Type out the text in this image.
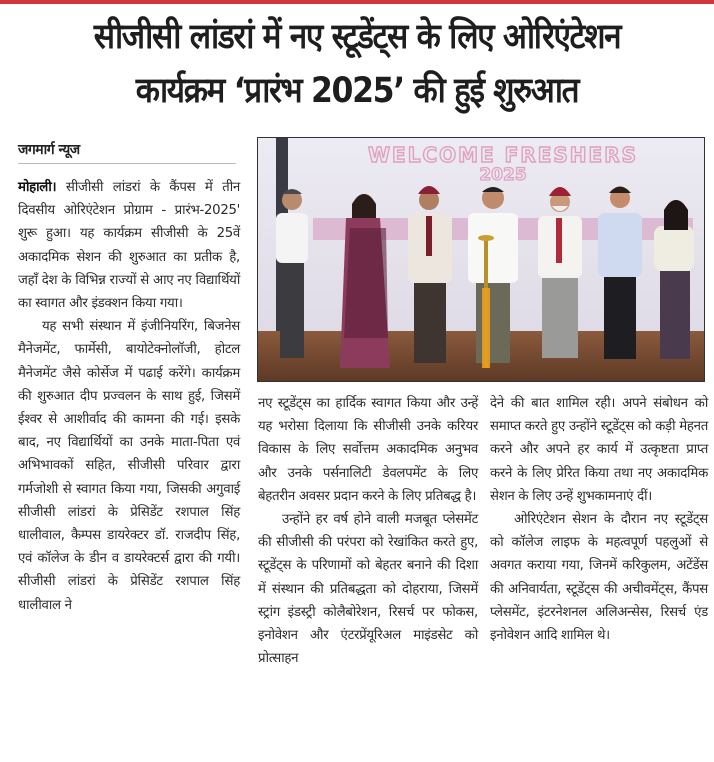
सीजीसी लांडरां में नए स्टूडेंट्स के लिए ओरिएंटेशन
कार्यक्रम ‘प्रारंभ 2025’ की हुई शुरुआत
जगमार्ग न्यूज

मोहाली। सीजीसी लांडरां के कैंपस में तीन दिवसीय ओरिएंटेशन प्रोग्राम - प्रारंभ-2025' शुरू हुआ। यह कार्यक्रम सीजीसी के 25वें अकादमिक सेशन की शुरुआत का प्रतीक है, जहाँ देश के विभिन्न राज्यों से आए नए विद्यार्थियों का स्वागत और इंडक्शन किया गया।

यह सभी संस्थान में इंजीनियरिंग, बिजनेस मैनेजमेंट, फार्मेसी, बायोटेक्नोलॉजी, होटल मैनेजमेंट जैसे कोर्सेज में पढाई करेंगे। कार्यक्रम की शुरुआत दीप प्रज्वलन के साथ हुई, जिसमें ईश्वर से आशीर्वाद की कामना की गई। इसके बाद, नए विद्यार्थियों का उनके माता-पिता एवं अभिभावकों सहित, सीजीसी परिवार द्वारा गर्मजोशी से स्वागत किया गया, जिसकी अगुवाई सीजीसी लांडरां के प्रेसिडेंट रशपाल सिंह धालीवाल, कैम्पस डायरेक्टर डॉ. राजदीप सिंह, एवं कॉलेज के डीन व डायरेक्टर्स द्वारा की गयी। सीजीसी लांडरां के प्रेसिडेंट रशपाल सिंह धालीवाल ने

WELCOME FRESHERS
2025

नए स्टूडेंट्स का हार्दिक स्वागत किया और उन्हें यह भरोसा दिलाया कि सीजीसी उनके करियर विकास के लिए सर्वोत्तम अकादमिक अनुभव और उनके पर्सनालिटी डेवलपमेंट के लिए बेहतरीन अवसर प्रदान करने के लिए प्रतिबद्ध है।

उन्होंने हर वर्ष होने वाली मजबूत प्लेसमेंट की सीजीसी की परंपरा को रेखांकित करते हुए, स्टूडेंट्स के परिणामों को बेहतर बनाने की दिशा में संस्थान की प्रतिबद्धता को दोहराया, जिसमें स्ट्रांग इंडस्ट्री कोलैबोरेशन, रिसर्च पर फोकस, इनोवेशन और एंटरप्रेंयूरिअल माइंडसेट को प्रोत्साहन

देने की बात शामिल रही। अपने संबोधन को समाप्त करते हुए उन्होंने स्टूडेंट्स को कड़ी मेहनत करने और अपने हर कार्य में उत्कृष्टता प्राप्त करने के लिए प्रेरित किया तथा नए अकादमिक सेशन के लिए उन्हें शुभकामनाएं दीं।

ओरिएंटेशन सेशन के दौरान नए स्टूडेंट्स को कॉलेज लाइफ के महत्वपूर्ण पहलुओं से अवगत कराया गया, जिनमें करिकुलम, अटेंडेंस की अनिवार्यता, स्टूडेंट्स की अचीवमेंट्स, कैंपस प्लेसमेंट, इंटरनेशनल अलिअन्सेस, रिसर्च एंड इनोवेशन आदि शामिल थे।
